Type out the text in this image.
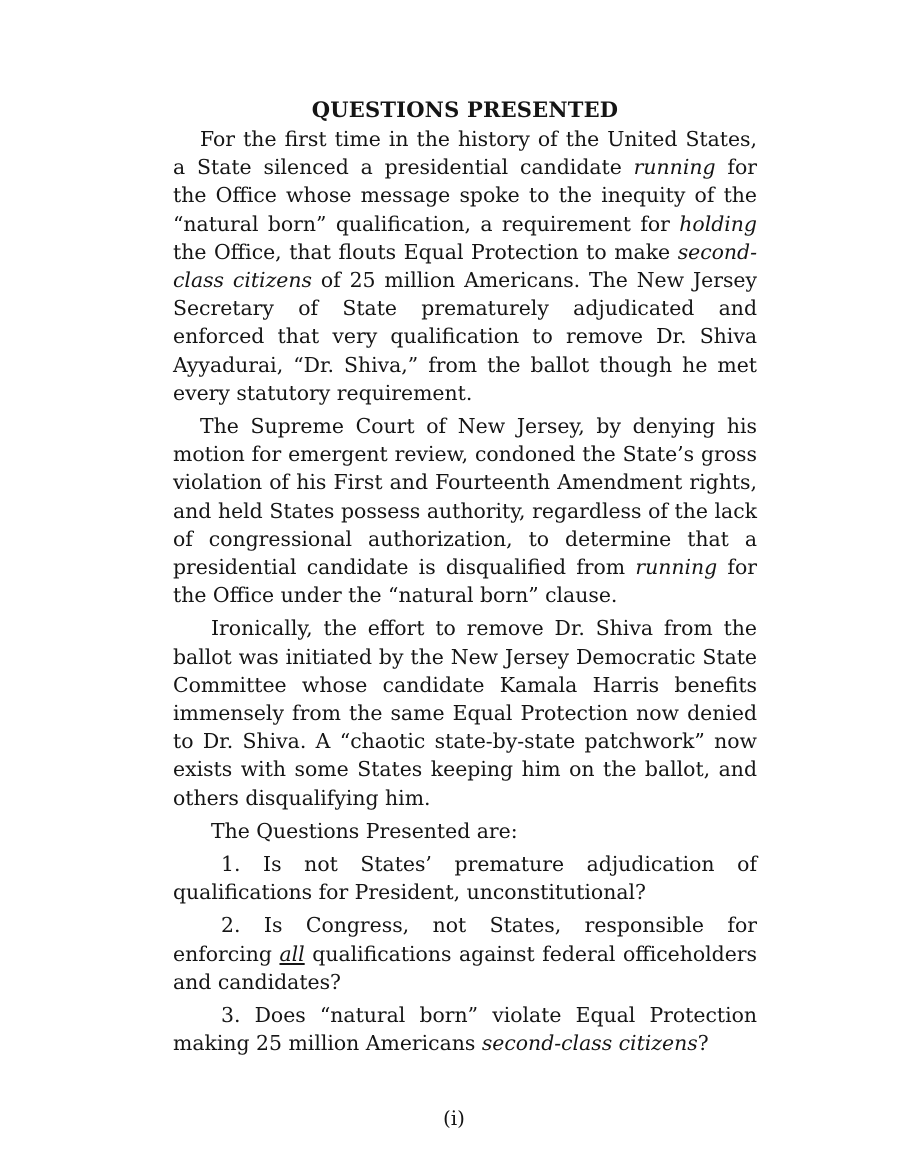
QUESTIONS PRESENTED

For the first time in the history of the United States, a State silenced a presidential candidate running for the Office whose message spoke to the inequity of the “natural born” qualification, a requirement for holding the Office, that flouts Equal Protection to make second-class citizens of 25 million Americans. The New Jersey Secretary of State prematurely adjudicated and enforced that very qualification to remove Dr. Shiva Ayyadurai, “Dr. Shiva,” from the ballot though he met every statutory requirement.

The Supreme Court of New Jersey, by denying his motion for emergent review, condoned the State’s gross violation of his First and Fourteenth Amendment rights, and held States possess authority, regardless of the lack of congressional authorization, to determine that a presidential candidate is disqualified from running for the Office under the “natural born” clause.

Ironically, the effort to remove Dr. Shiva from the ballot was initiated by the New Jersey Democratic State Committee whose candidate Kamala Harris benefits immensely from the same Equal Protection now denied to Dr. Shiva. A “chaotic state-by-state patchwork” now exists with some States keeping him on the ballot, and others disqualifying him.

The Questions Presented are:

1. Is not States’ premature adjudication of qualifications for President, unconstitutional?

2. Is Congress, not States, responsible for enforcing all qualifications against federal officeholders and candidates?

3. Does “natural born” violate Equal Protection making 25 million Americans second-class citizens?

(i)
